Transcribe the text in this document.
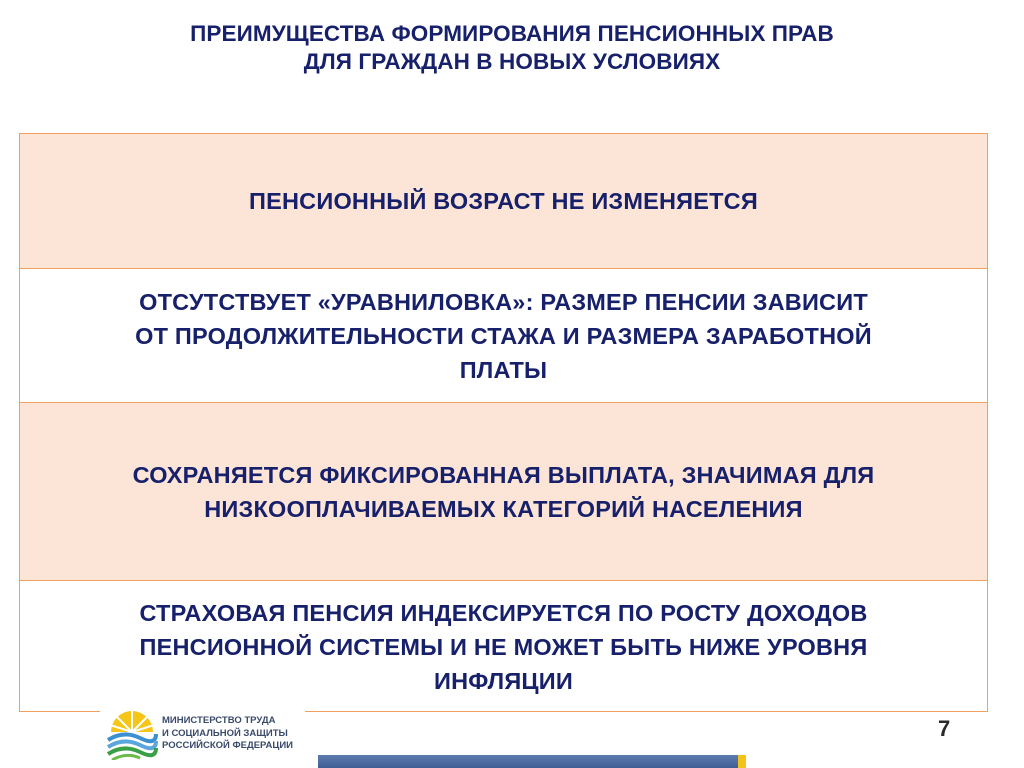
ПРЕИМУЩЕСТВА ФОРМИРОВАНИЯ ПЕНСИОННЫХ ПРАВ
ДЛЯ ГРАЖДАН В НОВЫХ УСЛОВИЯХ
ПЕНСИОННЫЙ ВОЗРАСТ НЕ ИЗМЕНЯЕТСЯ
ОТСУТСТВУЕТ «УРАВНИЛОВКА»: РАЗМЕР ПЕНСИИ ЗАВИСИТ
ОТ ПРОДОЛЖИТЕЛЬНОСТИ СТАЖА И РАЗМЕРА ЗАРАБОТНОЙ
ПЛАТЫ
СОХРАНЯЕТСЯ ФИКСИРОВАННАЯ ВЫПЛАТА, ЗНАЧИМАЯ ДЛЯ
НИЗКООПЛАЧИВАЕМЫХ КАТЕГОРИЙ НАСЕЛЕНИЯ
СТРАХОВАЯ ПЕНСИЯ ИНДЕКСИРУЕТСЯ ПО РОСТУ ДОХОДОВ
ПЕНСИОННОЙ СИСТЕМЫ И НЕ МОЖЕТ БЫТЬ НИЖЕ УРОВНЯ
ИНФЛЯЦИИ
МИНИСТЕРСТВО ТРУДА
И СОЦИАЛЬНОЙ ЗАЩИТЫ
РОССИЙСКОЙ ФЕДЕРАЦИИ
7
